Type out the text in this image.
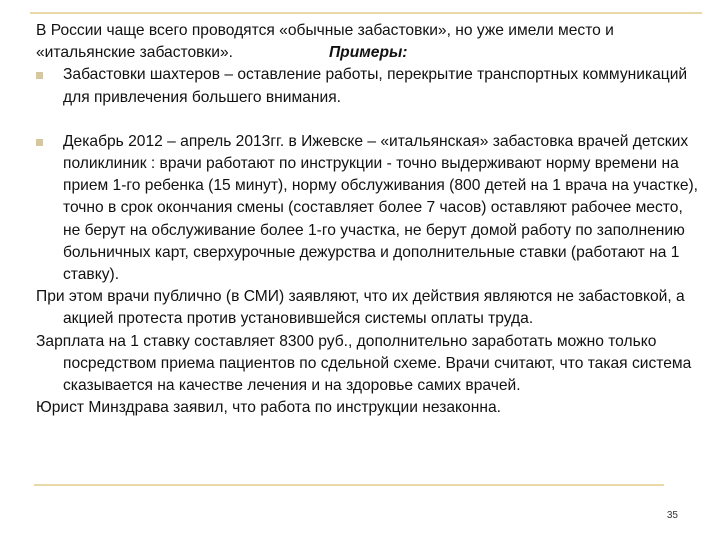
В России чаще всего проводятся «обычные забастовки», но уже имели место и «итальянские забастовки».	Примеры:

Забастовки шахтеров – оставление работы, перекрытие транспортных коммуникаций для привлечения большего внимания.

Декабрь 2012 – апрель 2013гг. в Ижевске – «итальянская» забастовка врачей детских поликлиник : врачи работают по инструкции - точно выдерживают норму времени на прием 1-го ребенка (15 минут), норму обслуживания (800 детей на 1 врача на участке), точно в срок окончания смены (составляет более 7 часов) оставляют рабочее место, не берут на обслуживание более 1-го участка, не берут домой работу по заполнению больничных карт, сверхурочные дежурства и дополнительные ставки (работают на 1 ставку).

При этом врачи публично (в СМИ) заявляют, что их действия являются не забастовкой, а акцией протеста против установившейся системы оплаты труда.

Зарплата на 1 ставку составляет 8300 руб., дополнительно заработать можно только посредством приема пациентов по сдельной схеме. Врачи считают, что такая система сказывается на качестве лечения и на здоровье самих врачей.

Юрист Минздрава заявил, что работа по инструкции незаконна.

35
